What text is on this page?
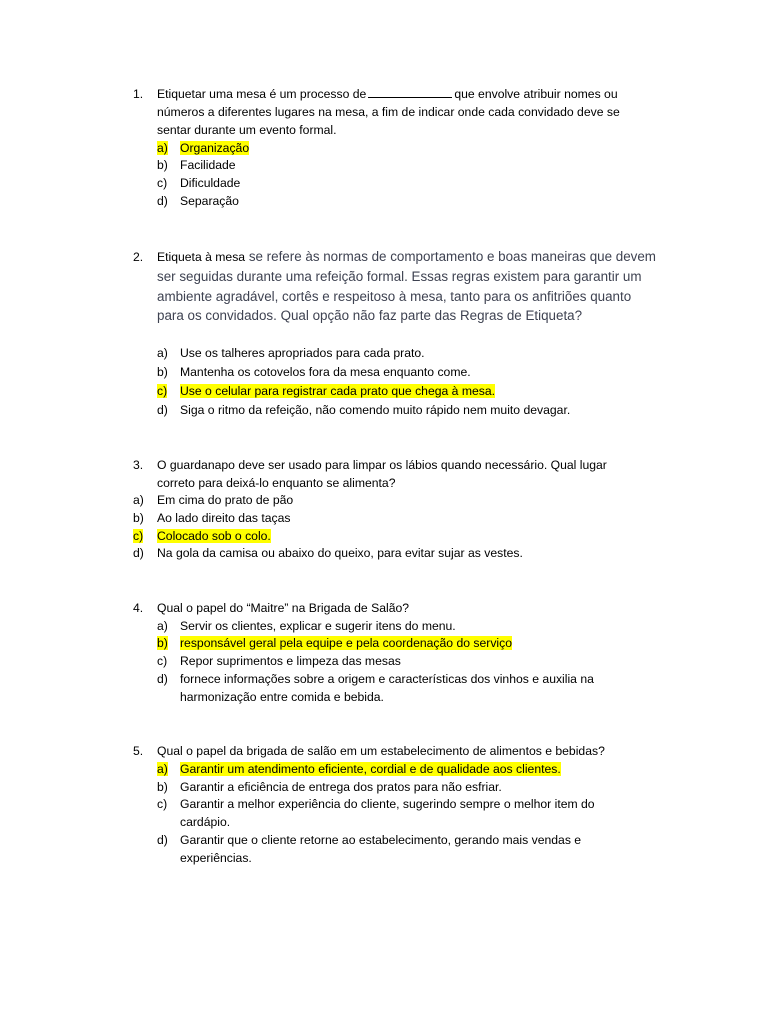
1. Etiquetar uma mesa é um processo de	que envolve atribuir nomes ou
números a diferentes lugares na mesa, a fim de indicar onde cada convidado deve se
sentar durante um evento formal.
a) Organização
b) Facilidade
c) Dificuldade
d) Separação
2. Etiqueta à mesa se refere às normas de comportamento e boas maneiras que devem ser seguidas durante uma refeição formal. Essas regras existem para garantir um ambiente agradável, cortês e respeitoso à mesa, tanto para os anfitriões quanto para os convidados. Qual opção não faz parte das Regras de Etiqueta?
a) Use os talheres apropriados para cada prato.
b) Mantenha os cotovelos fora da mesa enquanto come.
c) Use o celular para registrar cada prato que chega à mesa.
d) Siga o ritmo da refeição, não comendo muito rápido nem muito devagar.
3. O guardanapo deve ser usado para limpar os lábios quando necessário. Qual lugar
correto para deixá-lo enquanto se alimenta?
a) Em cima do prato de pão
b) Ao lado direito das taças
c) Colocado sob o colo.
d) Na gola da camisa ou abaixo do queixo, para evitar sujar as vestes.
4. Qual o papel do “Maitre” na Brigada de Salão?
a) Servir os clientes, explicar e sugerir itens do menu.
b) responsável geral pela equipe e pela coordenação do serviço
c) Repor suprimentos e limpeza das mesas
d) fornece informações sobre a origem e características dos vinhos e auxilia na
harmonização entre comida e bebida.
5. Qual o papel da brigada de salão em um estabelecimento de alimentos e bebidas?
a) Garantir um atendimento eficiente, cordial e de qualidade aos clientes.
b) Garantir a eficiência de entrega dos pratos para não esfriar.
c) Garantir a melhor experiência do cliente, sugerindo sempre o melhor item do
cardápio.
d) Garantir que o cliente retorne ao estabelecimento, gerando mais vendas e
experiências.
